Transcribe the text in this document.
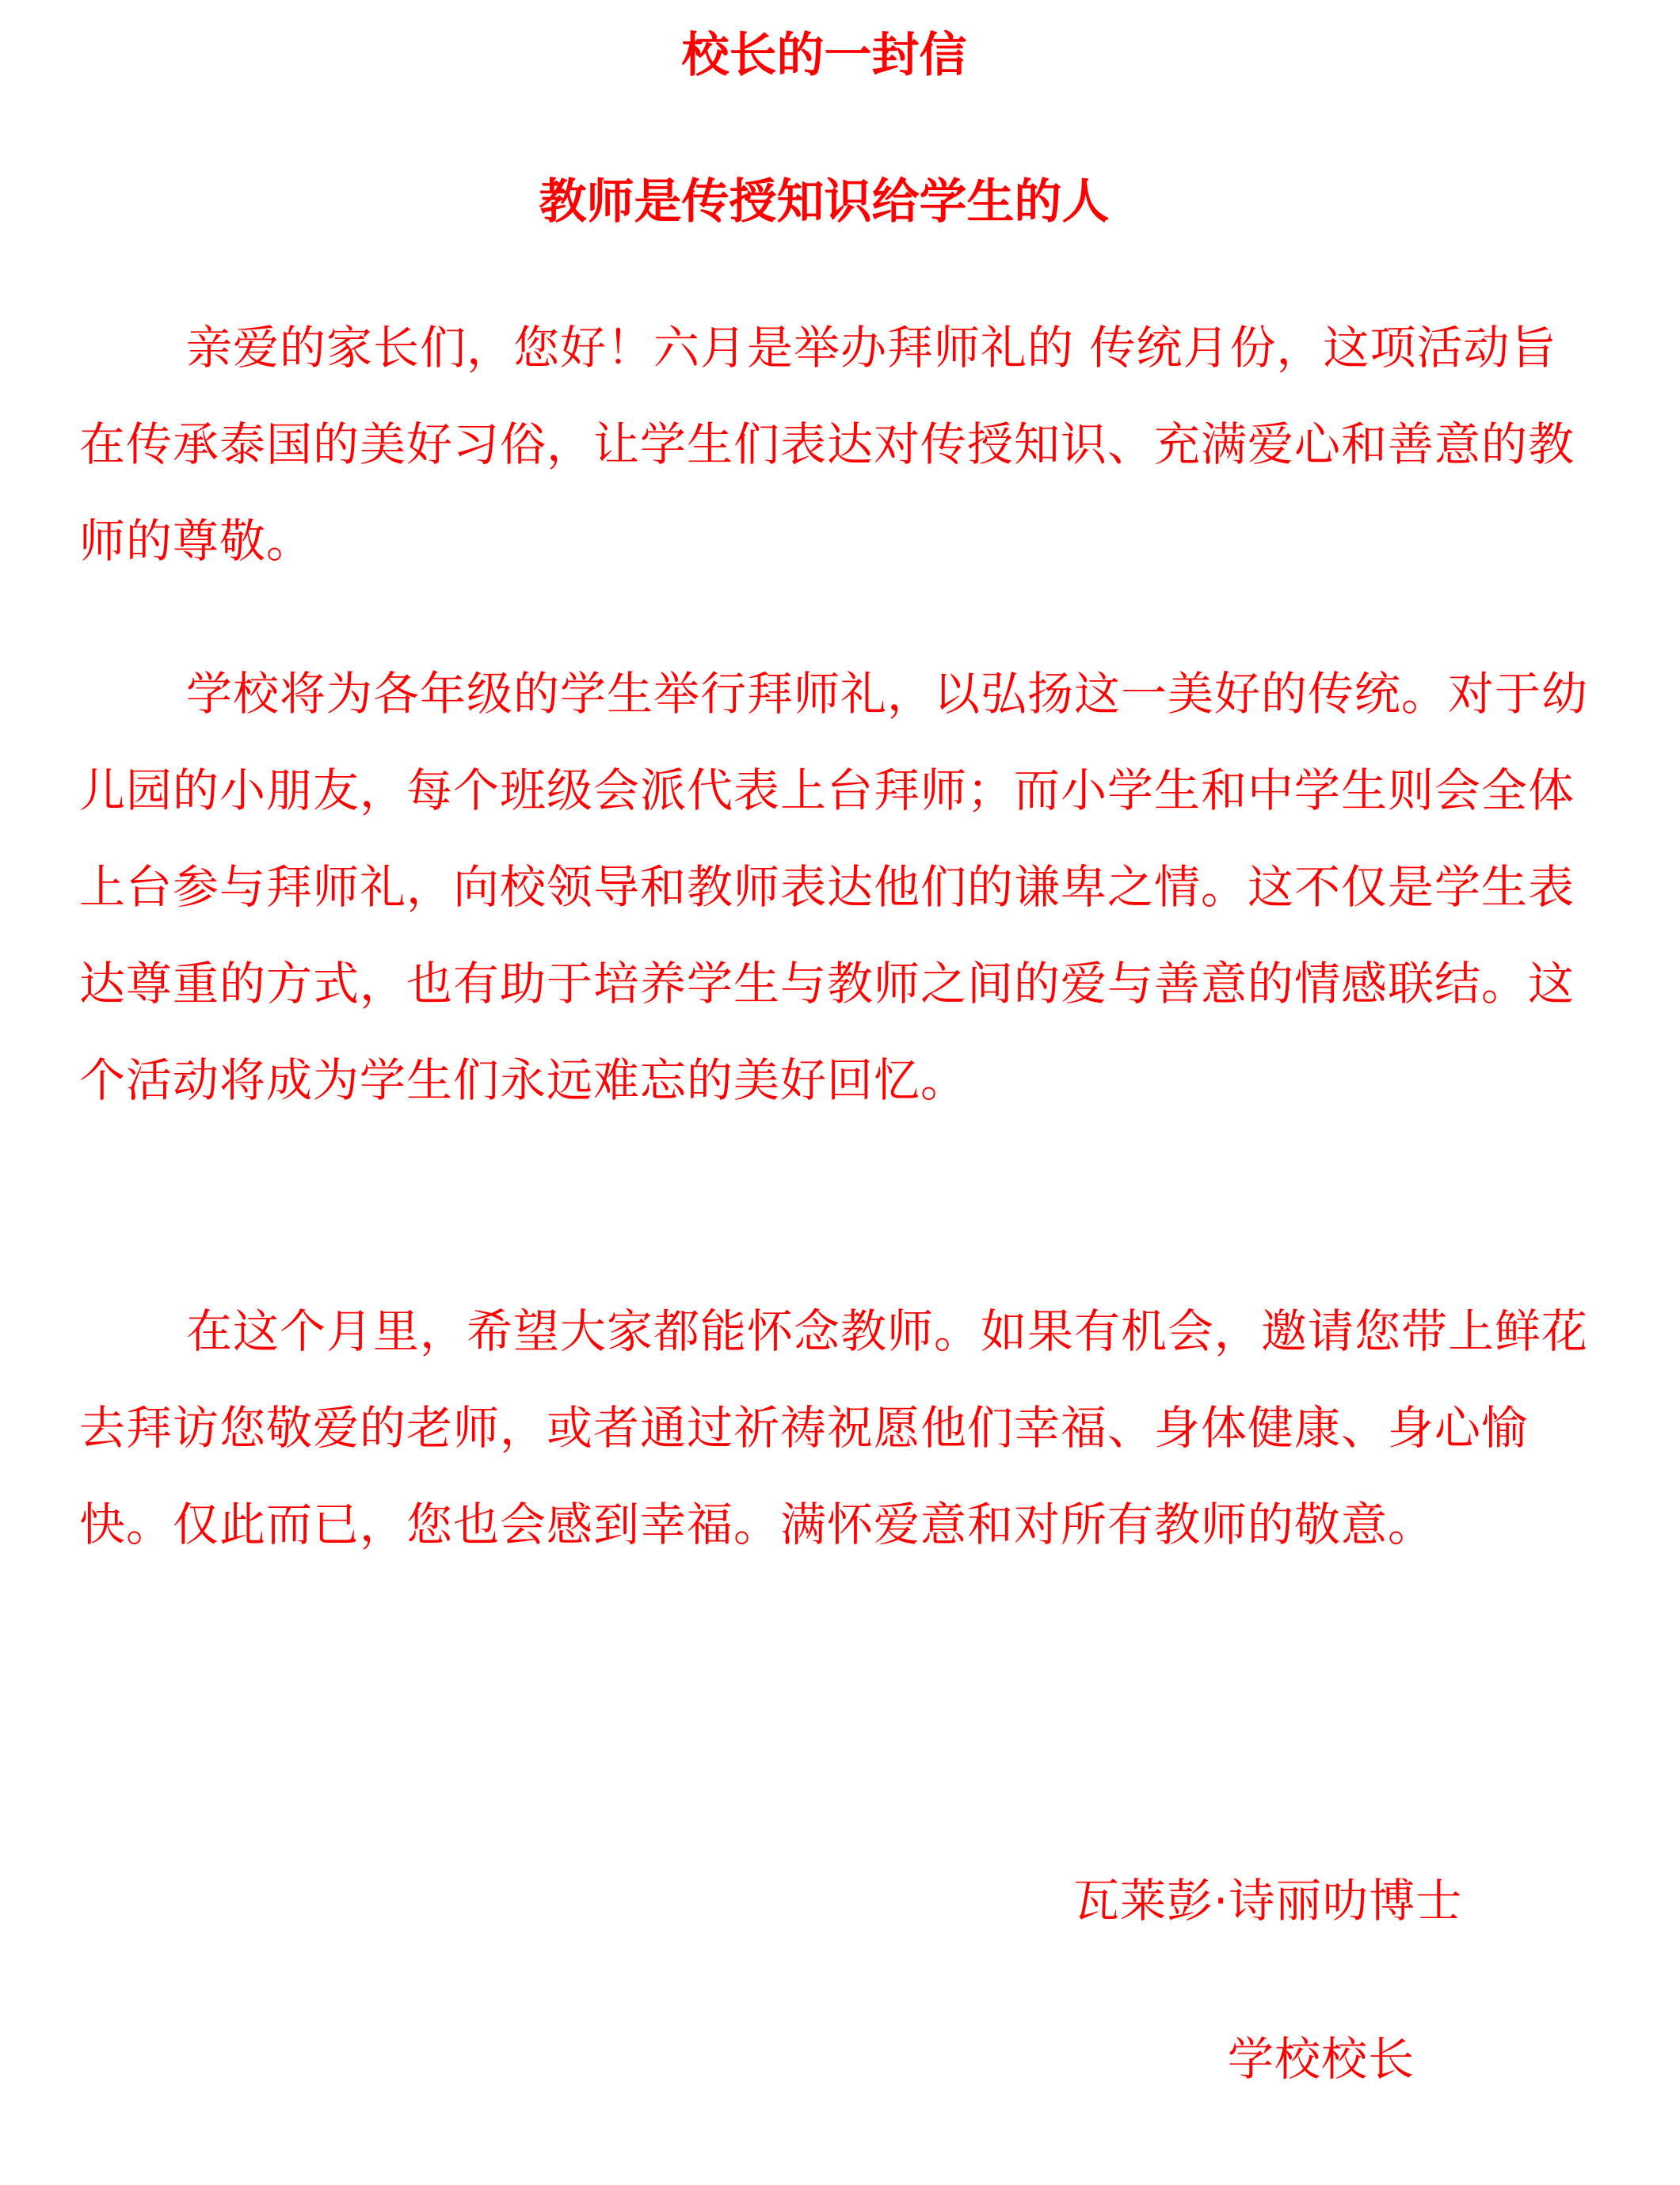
校长的一封信
教师是传授知识给学生的人
亲爱的家长们，您好！六月是举办拜师礼的 传统月份，这项活动旨在传承泰国的美好习俗，让学生们表达对传授知识、充满爱心和善意的教师的尊敬。
学校将为各年级的学生举行拜师礼，以弘扬这一美好的传统。对于幼儿园的小朋友，每个班级会派代表上台拜师；而小学生和中学生则会全体上台参与拜师礼，向校领导和教师表达他们的谦卑之情。这不仅是学生表达尊重的方式，也有助于培养学生与教师之间的爱与善意的情感联结。这个活动将成为学生们永远难忘的美好回忆。
在这个月里，希望大家都能怀念教师。如果有机会，邀请您带上鲜花去拜访您敬爱的老师，或者通过祈祷祝愿他们幸福、身体健康、身心愉快。仅此而已，您也会感到幸福。满怀爱意和对所有教师的敬意。
瓦莱彭·诗丽叻博士
学校校长
